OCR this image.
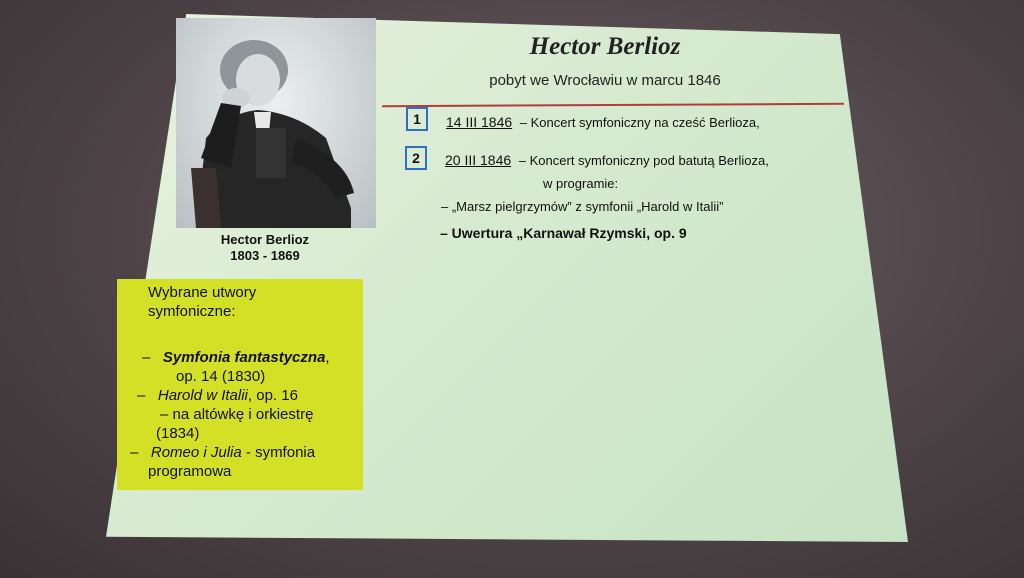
Hector Berlioz
1803 - 1869
Wybrane utwory
symfoniczne:
– Symfonia fantastyczna,
op. 14 (1830)
– Harold w Italii, op. 16
– na altówkę i orkiestrę
(1834)
– Romeo i Julia - symfonia
programowa
Hector Berlioz
pobyt we Wrocławiu w marcu 1846
1	14 III 1846 – Koncert symfoniczny na cześć Berlioza,
2	20 III 1846 – Koncert symfoniczny pod batutą Berlioza,
w programie:
– „Marsz pielgrzymów” z symfonii „Harold w Italii”
– Uwertura „Karnawał Rzymski, op. 9
